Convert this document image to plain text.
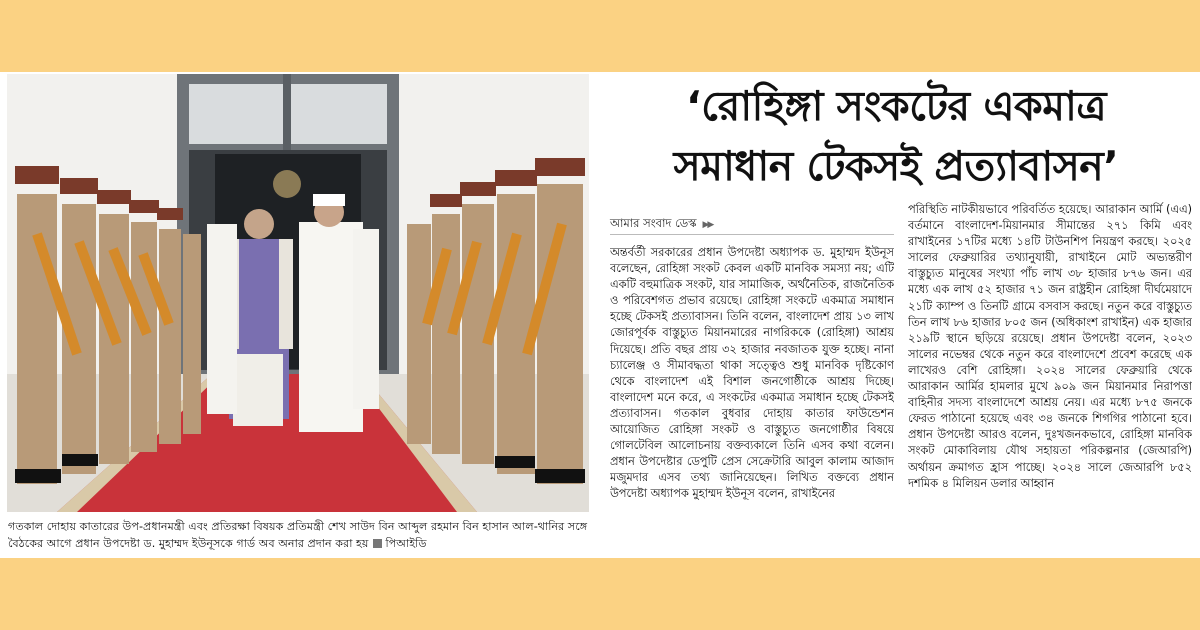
গতকাল দোহায় কাতারের উপ-প্রধানমন্ত্রী এবং প্রতিরক্ষা বিষয়ক প্রতিমন্ত্রী শেখ সাউদ বিন আব্দুল রহমান বিন হাসান আল-থানির সঙ্গে বৈঠকের আগে প্রধান উপদেষ্টা ড. মুহাম্মদ ইউনূসকে গার্ড অব অনার প্রদান করা হয় পিআইডি
‘রোহিঙ্গা সংকটের একমাত্র
সমাধান টেকসই প্রত্যাবাসন’
আমার সংবাদ ডেস্ক ▶▶

অন্তর্বর্তী সরকারের প্রধান উপদেষ্টা অধ্যাপক ড. মুহাম্মদ ইউনূস বলেছেন, রোহিঙ্গা সংকট কেবল একটি মানবিক সমস্যা নয়; এটি একটি বহুমাত্রিক সংকট, যার সামাজিক, অর্থনৈতিক, রাজনৈতিক ও পরিবেশগত প্রভাব রয়েছে। রোহিঙ্গা সংকটে একমাত্র সমাধান হচ্ছে টেকসই প্রত্যাবাসন। তিনি বলেন, বাংলাদেশ প্রায় ১৩ লাখ জোরপূর্বক বাস্তুচ্যুত মিয়ানমারের নাগরিককে (রোহিঙ্গা) আশ্রয় দিয়েছে। প্রতি বছর প্রায় ৩২ হাজার নবজাতক যুক্ত হচ্ছে। নানা চ্যালেঞ্জ ও সীমাবদ্ধতা থাকা সত্ত্বেও শুধু মানবিক দৃষ্টিকোণ থেকে বাংলাদেশ এই বিশাল জনগোষ্ঠীকে আশ্রয় দিচ্ছে। বাংলাদেশ মনে করে, এ সংকটের একমাত্র সমাধান হচ্ছে টেকসই প্রত্যাবাসন। গতকাল বুধবার দোহায় কাতার ফাউন্ডেশন আয়োজিত রোহিঙ্গা সংকট ও বাস্তুচ্যুত জনগোষ্ঠীর বিষয়ে গোলটেবিল আলোচনায় বক্তব্যকালে তিনি এসব কথা বলেন। প্রধান উপদেষ্টার ডেপুটি প্রেস সেক্রেটারি আবুল কালাম আজাদ মজুমদার এসব তথ্য জানিয়েছেন। লিখিত বক্তব্যে প্রধান উপদেষ্টা অধ্যাপক মুহাম্মদ ইউনূস বলেন, রাখাইনের

পরিস্থিতি নাটকীয়ভাবে পরিবর্তিত হয়েছে। আরাকান আর্মি (এএ) বর্তমানে বাংলাদেশ-মিয়ানমার সীমান্তের ২৭১ কিমি এবং রাখাইনের ১৭টির মধ্যে ১৪টি টাউনশিপ নিয়ন্ত্রণ করছে। ২০২৫ সালের ফেব্রুয়ারির তথ্যানুযায়ী, রাখাইনে মোট অভ্যন্তরীণ বাস্তুচ্যুত মানুষের সংখ্যা পাঁচ লাখ ৩৮ হাজার ৮৭৬ জন। এর মধ্যে এক লাখ ৫২ হাজার ৭১ জন রাষ্ট্রহীন রোহিঙ্গা দীর্ঘমেয়াদে ২১টি ক্যাম্প ও তিনটি গ্রামে বসবাস করছে। নতুন করে বাস্তুচ্যুত তিন লাখ ৮৬ হাজার ৮০৫ জন (অধিকাংশ রাখাইন) এক হাজার ২১৯টি স্থানে ছড়িয়ে রয়েছে। প্রধান উপদেষ্টা বলেন, ২০২৩ সালের নভেম্বর থেকে নতুন করে বাংলাদেশে প্রবেশ করেছে এক লাখেরও বেশি রোহিঙ্গা। ২০২৪ সালের ফেব্রুয়ারি থেকে আরাকান আর্মির হামলার মুখে ৯০৯ জন মিয়ানমার নিরাপত্তা বাহিনীর সদস্য বাংলাদেশে আশ্রয় নেয়। এর মধ্যে ৮৭৫ জনকে ফেরত পাঠানো হয়েছে এবং ৩৪ জনকে শিগগির পাঠানো হবে। প্রধান উপদেষ্টা আরও বলেন, দুঃখজনকভাবে, রোহিঙ্গা মানবিক সংকট মোকাবিলায় যৌথ সহায়তা পরিকল্পনার (জেআরপি) অর্থায়ন ক্রমাগত হ্রাস পাচ্ছে। ২০২৪ সালে জেআরপি ৮৫২ দশমিক ৪ মিলিয়ন ডলার আহ্বান
